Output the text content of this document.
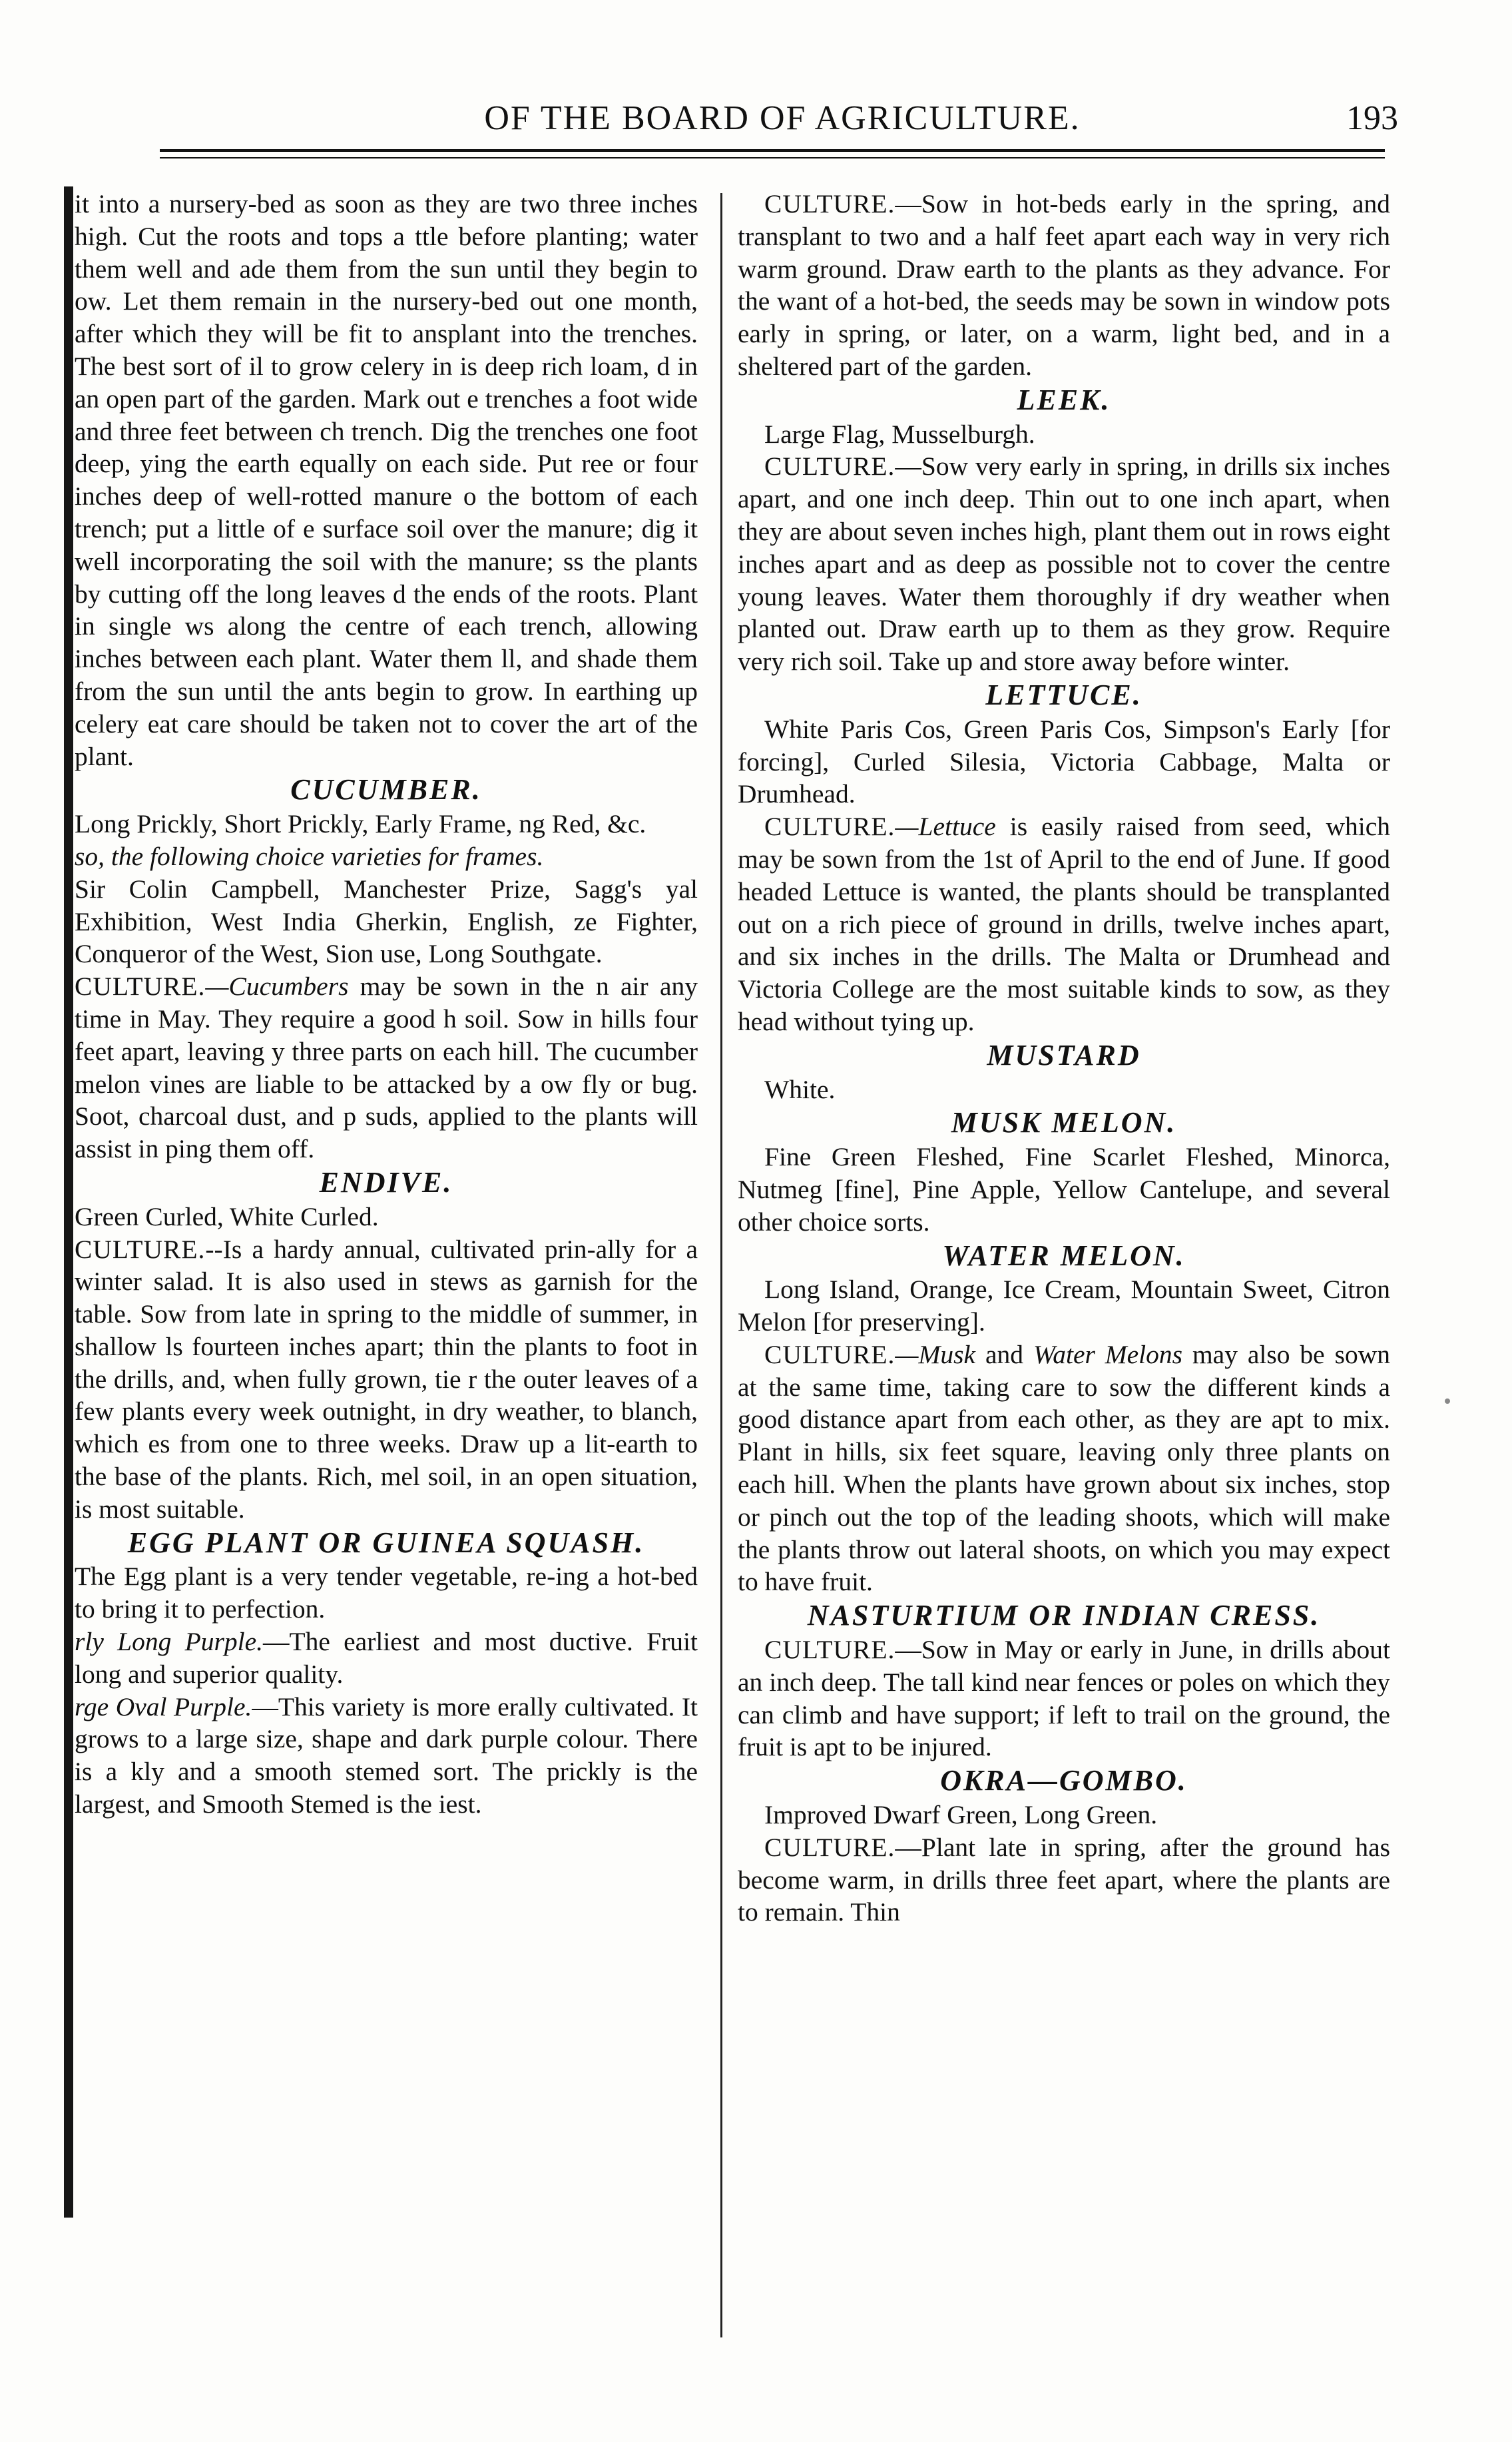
OF THE BOARD OF AGRICULTURE.	193

it into a nursery-bed as soon as they are two three inches high. Cut the roots and tops a ttle before planting; water them well and ade them from the sun until they begin to ow. Let them remain in the nursery-bed out one month, after which they will be fit to ansplant into the trenches. The best sort of il to grow celery in is deep rich loam, d in an open part of the garden. Mark out e trenches a foot wide and three feet between ch trench. Dig the trenches one foot deep, ying the earth equally on each side. Put ree or four inches deep of well-rotted manure o the bottom of each trench; put a little of e surface soil over the manure; dig it well incorporating the soil with the manure; ss the plants by cutting off the long leaves d the ends of the roots. Plant in single ws along the centre of each trench, allowing inches between each plant. Water them ll, and shade them from the sun until the ants begin to grow. In earthing up celery eat care should be taken not to cover the art of the plant.

CUCUMBER.

Long Prickly, Short Prickly, Early Frame, ng Red, &c.

so, the following choice varieties for frames.

Sir Colin Campbell, Manchester Prize, Sagg's yal Exhibition, West India Gherkin, English, ze Fighter, Conqueror of the West, Sion use, Long Southgate.

CULTURE.—Cucumbers may be sown in the n air any time in May. They require a good h soil. Sow in hills four feet apart, leaving y three parts on each hill. The cucumber melon vines are liable to be attacked by a ow fly or bug. Soot, charcoal dust, and p suds, applied to the plants will assist in ping them off.

ENDIVE.

Green Curled, White Curled.

CULTURE.--Is a hardy annual, cultivated prin-ally for a winter salad. It is also used in stews as garnish for the table. Sow from late in spring to the middle of summer, in shallow ls fourteen inches apart; thin the plants to foot in the drills, and, when fully grown, tie r the outer leaves of a few plants every week outnight, in dry weather, to blanch, which es from one to three weeks. Draw up a lit-earth to the base of the plants. Rich, mel soil, in an open situation, is most suitable.

EGG PLANT OR GUINEA SQUASH.

The Egg plant is a very tender vegetable, re-ing a hot-bed to bring it to perfection.

rly Long Purple.—The earliest and most ductive. Fruit long and superior quality.

rge Oval Purple.—This variety is more erally cultivated. It grows to a large size, shape and dark purple colour. There is a kly and a smooth stemed sort. The prickly is the largest, and Smooth Stemed is the iest.

CULTURE.—Sow in hot-beds early in the spring, and transplant to two and a half feet apart each way in very rich warm ground. Draw earth to the plants as they advance. For the want of a hot-bed, the seeds may be sown in window pots early in spring, or later, on a warm, light bed, and in a sheltered part of the garden.

LEEK.

Large Flag, Musselburgh.

CULTURE.—Sow very early in spring, in drills six inches apart, and one inch deep. Thin out to one inch apart, when they are about seven inches high, plant them out in rows eight inches apart and as deep as possible not to cover the centre young leaves. Water them thoroughly if dry weather when planted out. Draw earth up to them as they grow. Require very rich soil. Take up and store away before winter.

LETTUCE.

White Paris Cos, Green Paris Cos, Simpson's Early [for forcing], Curled Silesia, Victoria Cabbage, Malta or Drumhead.

CULTURE.—Lettuce is easily raised from seed, which may be sown from the 1st of April to the end of June. If good headed Lettuce is wanted, the plants should be transplanted out on a rich piece of ground in drills, twelve inches apart, and six inches in the drills. The Malta or Drumhead and Victoria College are the most suitable kinds to sow, as they head without tying up.

MUSTARD

White.

MUSK MELON.

Fine Green Fleshed, Fine Scarlet Fleshed, Minorca, Nutmeg [fine], Pine Apple, Yellow Cantelupe, and several other choice sorts.

WATER MELON.

Long Island, Orange, Ice Cream, Mountain Sweet, Citron Melon [for preserving].

CULTURE.—Musk and Water Melons may also be sown at the same time, taking care to sow the different kinds a good distance apart from each other, as they are apt to mix. Plant in hills, six feet square, leaving only three plants on each hill. When the plants have grown about six inches, stop or pinch out the top of the leading shoots, which will make the plants throw out lateral shoots, on which you may expect to have fruit.

NASTURTIUM OR INDIAN CRESS.

CULTURE.—Sow in May or early in June, in drills about an inch deep. The tall kind near fences or poles on which they can climb and have support; if left to trail on the ground, the fruit is apt to be injured.

OKRA—GOMBO.

Improved Dwarf Green, Long Green.

CULTURE.—Plant late in spring, after the ground has become warm, in drills three feet apart, where the plants are to remain. Thin
